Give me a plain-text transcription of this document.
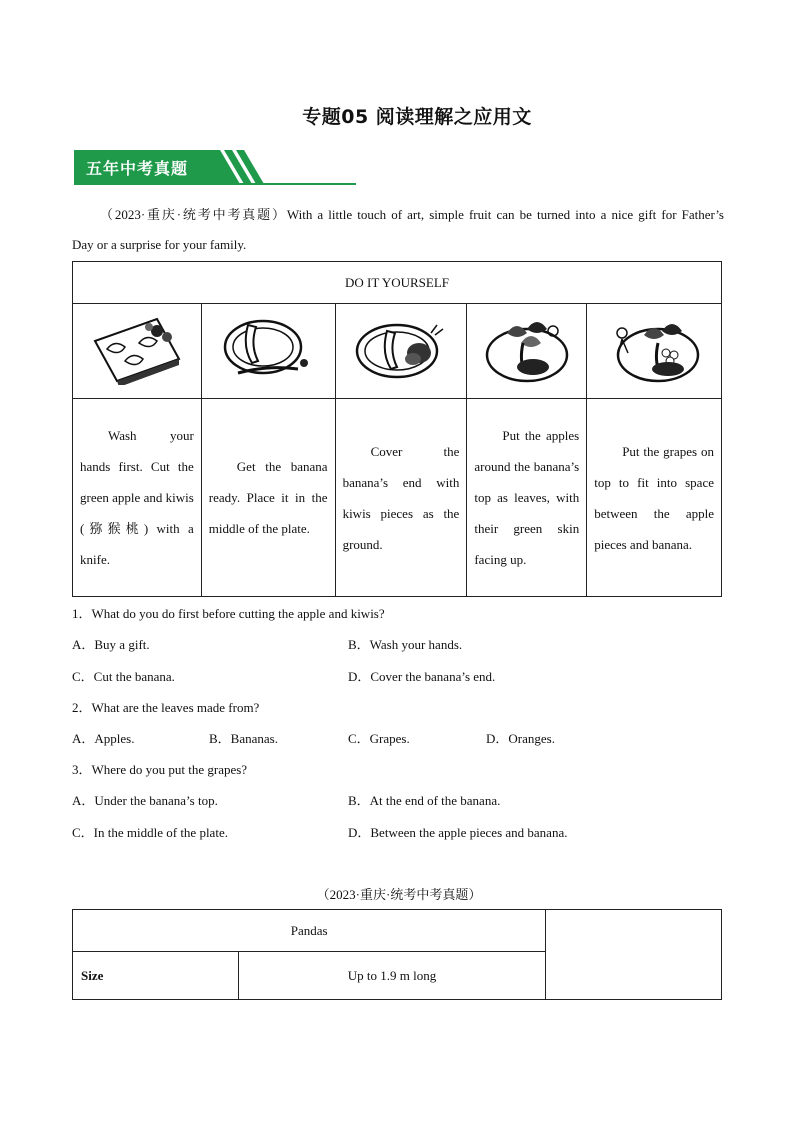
专题05 阅读理解之应用文
五年中考真题
（2023·重庆·统考中考真题）With a little touch of art, simple fruit can be turned into a nice gift for Father’s
Day or a surprise for your family.
DO IT YOURSELF				

Wash your hands first. Cut the green apple and kiwis (猕猴桃) with a knife.	Get the banana ready. Place it in the middle of the plate.	Cover the banana’s end with kiwis pieces as the ground.	Put the apples around the banana’s top as leaves, with their green skin facing up.	Put the grapes on top to fit into space between the apple pieces and banana.
1．What do you do first before cutting the apple and kiwis?
A．Buy a gift.	B．Wash your hands.
C．Cut the banana.	D．Cover the banana’s end.
2．What are the leaves made from?
A．Apples.	B．Bananas.	C．Grapes.	D．Oranges.
3．Where do you put the grapes?
A．Under the banana’s top.	B．At the end of the banana.
C．In the middle of the plate.	D．Between the apple pieces and banana.
（2023·重庆·统考中考真题）
Pandas		
Size	Up to 1.9 m long	
